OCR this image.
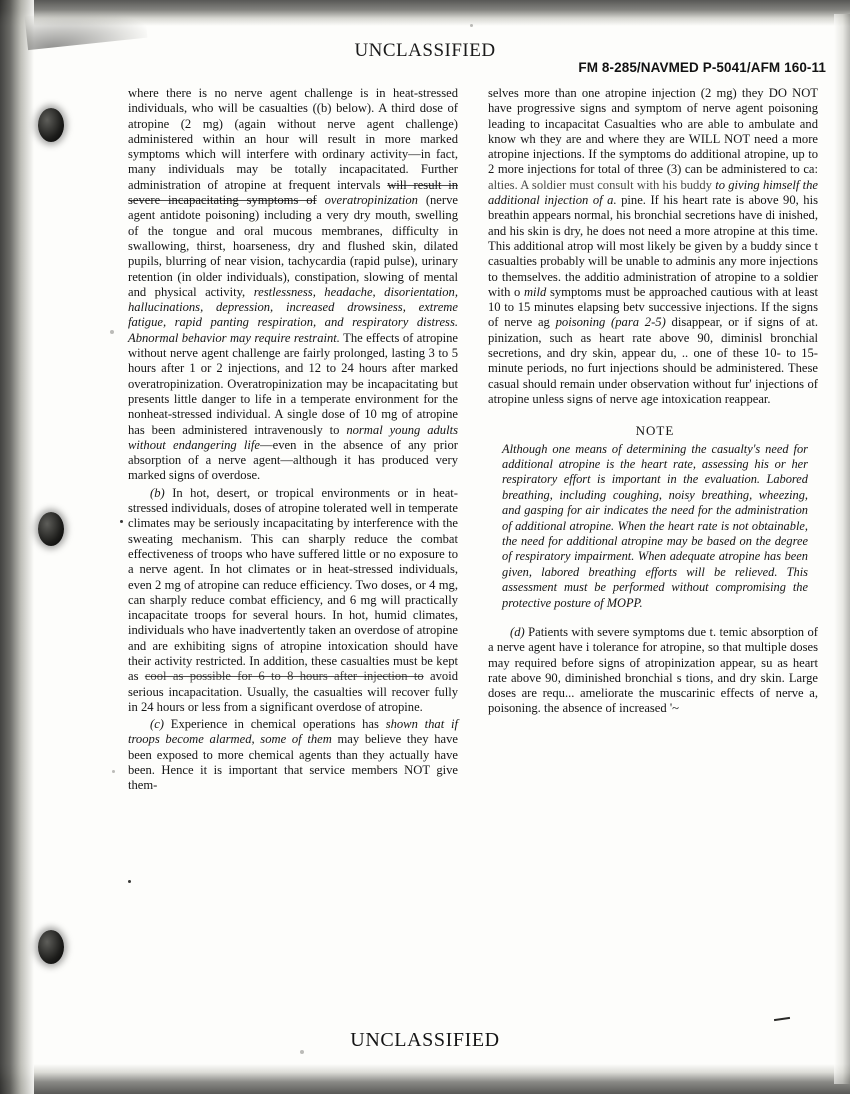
UNCLASSIFIED
FM 8-285/NAVMED P-5041/AFM 160-11

where there is no nerve agent challenge is in heat-stressed individuals, who will be casualties ((b) below). A third dose of atropine (2 mg) (again without nerve agent challenge) administered within an hour will result in more marked symptoms which will interfere with ordinary activity—in fact, many individuals may be totally incapacitated. Further administration of atropine at frequent intervals will result in severe incapacitating symptoms of overatropinization (nerve agent antidote poisoning) including a very dry mouth, swelling of the tongue and oral mucous membranes, difficulty in swallowing, thirst, hoarseness, dry and flushed skin, dilated pupils, blurring of near vision, tachycardia (rapid pulse), urinary retention (in older individuals), constipation, slowing of mental and physical activity, restlessness, headache, disorientation, hallucinations, depression, increased drowsiness, extreme fatigue, rapid panting respiration, and respiratory distress. Abnormal behavior may require restraint. The effects of atropine without nerve agent challenge are fairly prolonged, lasting 3 to 5 hours after 1 or 2 injections, and 12 to 24 hours after marked overatropinization. Overatropinization may be incapacitating but presents little danger to life in a temperate environment for the nonheat-stressed individual. A single dose of 10 mg of atropine has been administered intravenously to normal young adults without endangering life—even in the absence of any prior absorption of a nerve agent—although it has produced very marked signs of overdose.

(b) In hot, desert, or tropical environments or in heat-stressed individuals, doses of atropine tolerated well in temperate climates may be seriously incapacitating by interference with the sweating mechanism. This can sharply reduce the combat effectiveness of troops who have suffered little or no exposure to a nerve agent. In hot climates or in heat-stressed individuals, even 2 mg of atropine can reduce efficiency. Two doses, or 4 mg, can sharply reduce combat efficiency, and 6 mg will practically incapacitate troops for several hours. In hot, humid climates, individuals who have inadvertently taken an overdose of atropine and are exhibiting signs of atropine intoxication should have their activity restricted. In addition, these casualties must be kept as cool as possible for 6 to 8 hours after injection to avoid serious incapacitation. Usually, the casualties will recover fully in 24 hours or less from a significant overdose of atropine.

(c) Experience in chemical operations has shown that if troops become alarmed, some of them may believe they have been exposed to more chemical agents than they actually have been. Hence it is important that service members NOT give them-

selves more than one atropine injection (2 mg) they DO NOT have progressive signs and symptom of nerve agent poisoning leading to incapacitat Casualties who are able to ambulate and know wh they are and where they are WILL NOT need a more atropine injections. If the symptoms do additional atropine, up to 2 more injections for total of three (3) can be administered to ca: alties. A soldier must consult with his buddy to giving himself the additional injection of a. pine. If his heart rate is above 90, his breathin appears normal, his bronchial secretions have di inished, and his skin is dry, he does not need a more atropine at this time. This additional atrop will most likely be given by a buddy since t casualties probably will be unable to adminis any more injections to themselves. the additio administration of atropine to a soldier with o mild symptoms must be approached cautious with at least 10 to 15 minutes elapsing betv successive injections. If the signs of nerve ag poisoning (para 2-5) disappear, or if signs of at. pinization, such as heart rate above 90, diminisl bronchial secretions, and dry skin, appear du, .. one of these 10- to 15-minute periods, no furt injections should be administered. These casual should remain under observation without fur' injections of atropine unless signs of nerve age intoxication reappear.

NOTE
Although one means of determining the casualty's need for additional atropine is the heart rate, assessing his or her respiratory effort is important in the evaluation. Labored breathing, including coughing, noisy breathing, wheezing, and gasping for air indicates the need for the administration of additional atropine. When the heart rate is not obtainable, the need for additional atropine may be based on the degree of respiratory impairment. When adequate atropine has been given, labored breathing efforts will be relieved. This assessment must be performed without compromising the protective posture of MOPP.

(d) Patients with severe symptoms due t. temic absorption of a nerve agent have i tolerance for atropine, so that multiple doses may required before signs of atropinization appear, su as heart rate above 90, diminished bronchial s tions, and dry skin. Large doses are requ... ameliorate the muscarinic effects of nerve a, poisoning. the absence of increased '~

UNCLASSIFIED
